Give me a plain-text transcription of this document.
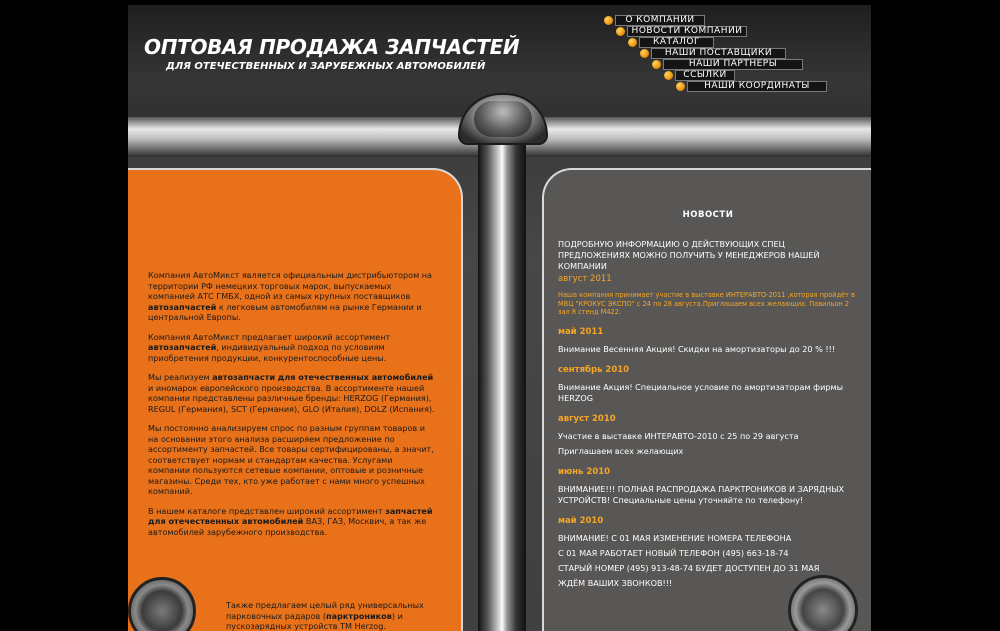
ОПТОВАЯ ПРОДАЖА ЗАПЧАСТЕЙ
ДЛЯ ОТЕЧЕСТВЕННЫХ И ЗАРУБЕЖНЫХ АВТОМОБИЛЕЙ
О КОМПАНИИ
НОВОСТИ КОМПАНИИ
КАТАЛОГ
НАШИ ПОСТАВЩИКИ
НАШИ ПАРТНЕРЫ
ССЫЛКИ
НАШИ КООРДИНАТЫ

Компания АвтоМикст является официальным дистрибьютором на территории РФ немецких торговых марок, выпускаемых компанией АТС ГМБХ, одной из самых крупных поставщиков автозапчастей к легковым автомобилям на рынке Германии и центральной Европы.

Компания АвтоМикст предлагает широкий ассортимент автозапчастей, индивидуальный подход по условиям приобретения продукции, конкурентоспособные цены.

Мы реализуем автозапчасти для отечественных автомобилей и иномарок европейского производства. В ассортименте нашей компании представлены различные бренды: HERZOG (Германия), REGUL (Германия), SCT (Германия), GLO (Италия), DOLZ (Испания).

Мы постоянно анализируем спрос по разным группам товаров и на основании этого анализа расширяем предложение по ассортименту запчастей. Все товары сертифицированы, а значит, соответствует нормам и стандартам качества. Услугами компании пользуются сетевые компании, оптовые и розничные магазины. Среди тех, кто уже работает с нами много успешных компаний.

В нашем каталоге представлен широкий ассортимент запчастей для отечественных автомобилей ВАЗ, ГАЗ, Москвич, а так же автомобилей зарубежного производства.

Также предлагаем целый ряд универсальных парковочных радаров (парктроников) и пускозарядных устройств ТМ Herzog.
НОВОСТИ
ПОДРОБНУЮ ИНФОРМАЦИЮ О ДЕЙСТВУЮЩИХ СПЕЦ ПРЕДЛОЖЕНИЯХ МОЖНО ПОЛУЧИТЬ У МЕНЕДЖЕРОВ НАШЕЙ КОМПАНИИ
август 2011
Наша компания принимает участие в выставке ИНТЕРАВТО-2011 ,которая пройдёт в МВЦ "КРОКУС ЭКСПО" с 24 по 28 августа.Приглашаем всех желающих. Павильон 2 зал 8 стенд М422.
май 2011
Внимание Весенняя Акция! Скидки на амортизаторы до 20 % !!!
сентябрь 2010
Внимание Акция! Специальное условие по амортизаторам фирмы HERZOG
август 2010
Участие в выставке ИНТЕРАВТО-2010 с 25 по 29 августа
Приглашаем всех желающих
июнь 2010
ВНИМАНИЕ!!! ПОЛНАЯ РАСПРОДАЖА ПАРКТРОНИКОВ И ЗАРЯДНЫХ УСТРОЙСТВ! Специальные цены уточняйте по телефону!
май 2010
ВНИМАНИЕ! С 01 МАЯ ИЗМЕНЕНИЕ НОМЕРА ТЕЛЕФОНА
С 01 МАЯ РАБОТАЕТ НОВЫЙ ТЕЛЕФОН (495) 663-18-74
СТАРЫЙ НОМЕР (495) 913-48-74 БУДЕТ ДОСТУПЕН ДО 31 МАЯ
ЖДЁМ ВАШИХ ЗВОНКОВ!!!
